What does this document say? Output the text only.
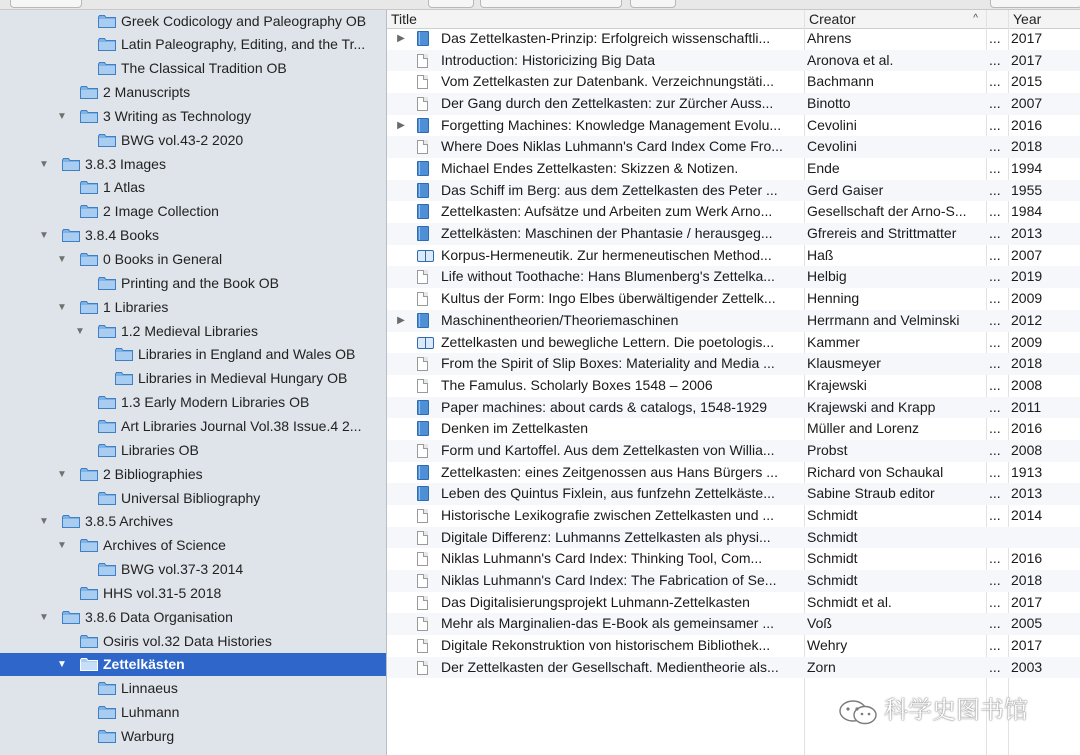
Greek Codicology and Paleography OB
Latin Paleography, Editing, and the Tr...
The Classical Tradition OB
2 Manuscripts
▼	3 Writing as Technology
BWG vol.43-2 2020
▼	3.8.3 Images
1 Atlas
2 Image Collection
▼	3.8.4 Books
▼	0 Books in General
Printing and the Book OB
▼	1 Libraries
▼	1.2 Medieval Libraries
Libraries in England and Wales OB
Libraries in Medieval Hungary OB
1.3 Early Modern Libraries OB
Art Libraries Journal Vol.38 Issue.4 2...
Libraries OB
▼	2 Bibliographies
Universal Bibliography
▼	3.8.5 Archives
▼	Archives of Science
BWG vol.37-3 2014
HHS vol.31-5 2018
▼	3.8.6 Data Organisation
Osiris vol.32 Data Histories
▼	Zettelkästen
Linnaeus
Luhmann
Warburg
Title	Creator	^	Year
▶	Das Zettelkasten-Prinzip: Erfolgreich wissenschaftli...	Ahrens	... 2017
Introduction: Historicizing Big Data	Aronova et al.	... 2017
Vom Zettelkasten zur Datenbank. Verzeichnungstäti...	Bachmann	... 2015
Der Gang durch den Zettelkasten: zur Zürcher Auss...	Binotto	... 2007
▶	Forgetting Machines: Knowledge Management Evolu...	Cevolini	... 2016
Where Does Niklas Luhmann's Card Index Come Fro...	Cevolini	... 2018
Michael Endes Zettelkasten: Skizzen & Notizen.	Ende	... 1994
Das Schiff im Berg: aus dem Zettelkasten des Peter ...	Gerd Gaiser	... 1955
Zettelkasten: Aufsätze und Arbeiten zum Werk Arno...	Gesellschaft der Arno-S...	... 1984
Zettelkästen: Maschinen der Phantasie / herausgeg...	Gfrereis and Strittmatter	... 2013
Korpus-Hermeneutik. Zur hermeneutischen Method...	Haß	... 2007
Life without Toothache: Hans Blumenberg's Zettelka...	Helbig	... 2019
Kultus der Form: Ingo Elbes überwältigender Zettelk...	Henning	... 2009
▶	Maschinentheorien/Theoriemaschinen	Herrmann and Velminski	... 2012
Zettelkasten und bewegliche Lettern. Die poetologis...	Kammer	... 2009
From the Spirit of Slip Boxes: Materiality and Media ...	Klausmeyer	... 2018
The Famulus. Scholarly Boxes 1548 – 2006	Krajewski	... 2008
Paper machines: about cards & catalogs, 1548-1929	Krajewski and Krapp	... 2011
Denken im Zettelkasten	Müller and Lorenz	... 2016
Form und Kartoffel. Aus dem Zettelkasten von Willia...	Probst	... 2008
Zettelkasten: eines Zeitgenossen aus Hans Bürgers ...	Richard von Schaukal	... 1913
Leben des Quintus Fixlein, aus funfzehn Zettelkäste...	Sabine Straub editor	... 2013
Historische Lexikografie zwischen Zettelkasten und ...	Schmidt	... 2014
Digitale Differenz: Luhmanns Zettelkasten als physi...	Schmidt
Niklas Luhmann's Card Index: Thinking Tool, Com...	Schmidt	... 2016
Niklas Luhmann's Card Index: The Fabrication of Se...	Schmidt	... 2018
Das Digitalisierungsprojekt Luhmann-Zettelkasten	Schmidt et al.	... 2017
Mehr als Marginalien-das E-Book als gemeinsamer ...	Voß	... 2005
Digitale Rekonstruktion von historischem Bibliothek...	Wehry	... 2017
Der Zettelkasten der Gesellschaft. Medientheorie als...	Zorn	... 2003
科学史图书馆
